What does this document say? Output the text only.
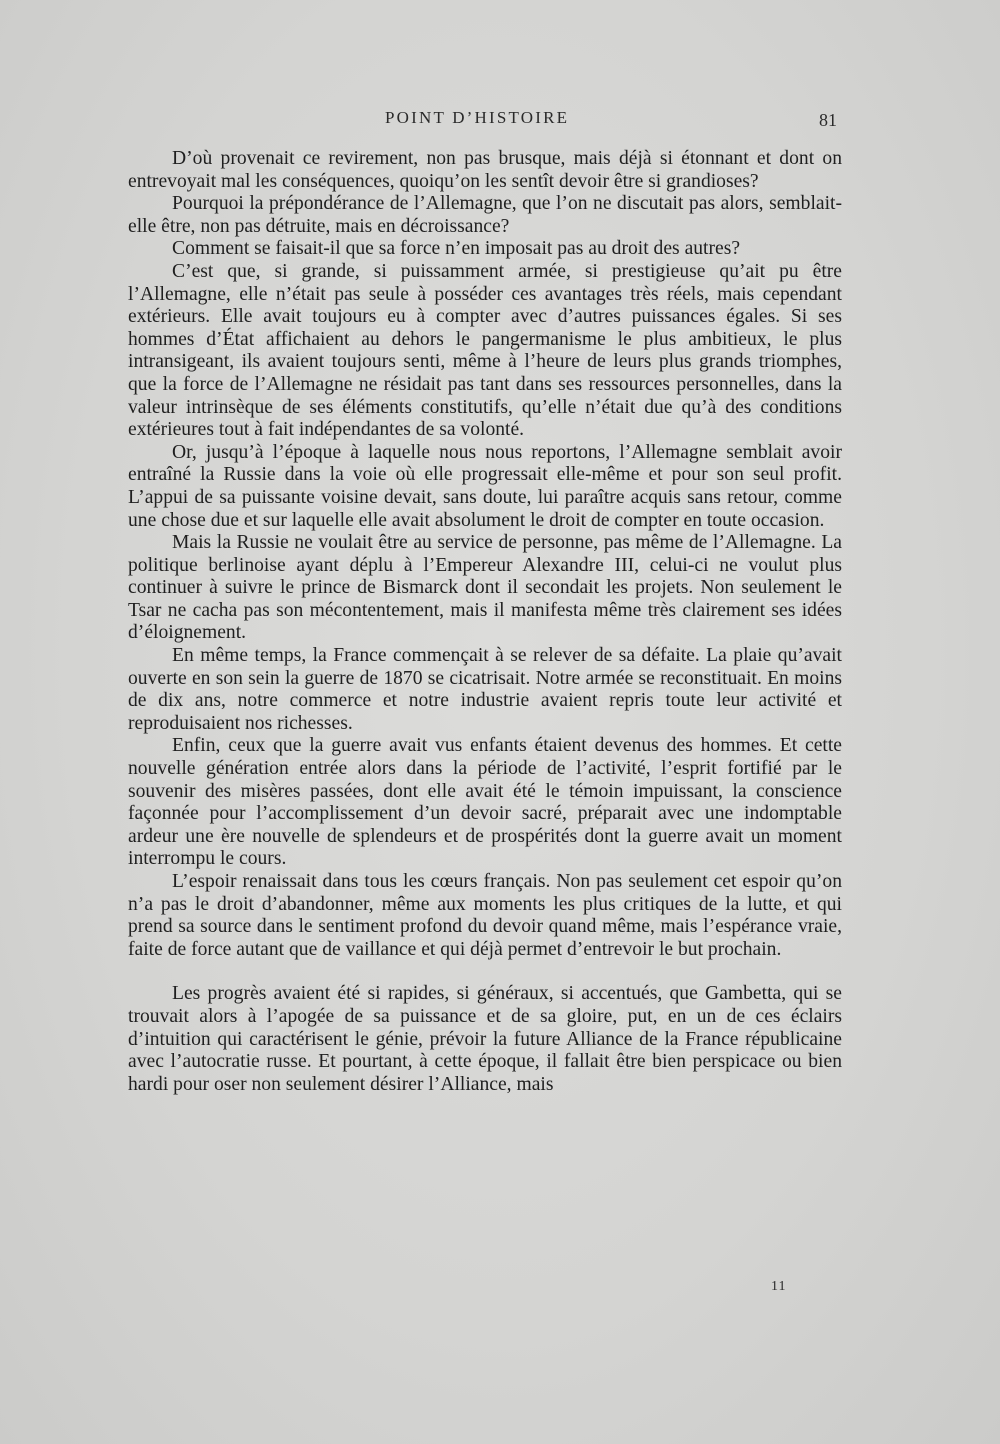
POINT D’HISTOIRE	81

D’où provenait ce revirement, non pas brusque, mais déjà si étonnant et dont on entrevoyait mal les conséquences, quoiqu’on les sentît devoir être si grandioses?

Pourquoi la prépondérance de l’Allemagne, que l’on ne discutait pas alors, semblait-elle être, non pas détruite, mais en décroissance?

Comment se faisait-il que sa force n’en imposait pas au droit des autres?

C’est que, si grande, si puissamment armée, si prestigieuse qu’ait pu être l’Allemagne, elle n’était pas seule à posséder ces avantages très réels, mais cependant extérieurs. Elle avait toujours eu à compter avec d’autres puissances égales. Si ses hommes d’État affichaient au dehors le pangermanisme le plus ambitieux, le plus intransigeant, ils avaient toujours senti, même à l’heure de leurs plus grands triomphes, que la force de l’Allemagne ne résidait pas tant dans ses ressources personnelles, dans la valeur intrinsèque de ses éléments constitutifs, qu’elle n’était due qu’à des conditions extérieures tout à fait indépendantes de sa volonté.

Or, jusqu’à l’époque à laquelle nous nous reportons, l’Allemagne semblait avoir entraîné la Russie dans la voie où elle progressait elle-même et pour son seul profit. L’appui de sa puissante voisine devait, sans doute, lui paraître acquis sans retour, comme une chose due et sur laquelle elle avait absolument le droit de compter en toute occasion.

Mais la Russie ne voulait être au service de personne, pas même de l’Allemagne. La politique berlinoise ayant déplu à l’Empereur Alexandre III, celui-ci ne voulut plus continuer à suivre le prince de Bismarck dont il secondait les projets. Non seulement le Tsar ne cacha pas son mécontentement, mais il manifesta même très clairement ses idées d’éloignement.

En même temps, la France commençait à se relever de sa défaite. La plaie qu’avait ouverte en son sein la guerre de 1870 se cicatrisait. Notre armée se reconstituait. En moins de dix ans, notre commerce et notre industrie avaient repris toute leur activité et reproduisaient nos richesses.

Enfin, ceux que la guerre avait vus enfants étaient devenus des hommes. Et cette nouvelle génération entrée alors dans la période de l’activité, l’esprit fortifié par le souvenir des misères passées, dont elle avait été le témoin impuissant, la conscience façonnée pour l’accomplissement d’un devoir sacré, préparait avec une indomptable ardeur une ère nouvelle de splendeurs et de prospérités dont la guerre avait un moment interrompu le cours.

L’espoir renaissait dans tous les cœurs français. Non pas seulement cet espoir qu’on n’a pas le droit d’abandonner, même aux moments les plus critiques de la lutte, et qui prend sa source dans le sentiment profond du devoir quand même, mais l’espérance vraie, faite de force autant que de vaillance et qui déjà permet d’entrevoir le but prochain.

Les progrès avaient été si rapides, si généraux, si accentués, que Gambetta, qui se trouvait alors à l’apogée de sa puissance et de sa gloire, put, en un de ces éclairs d’intuition qui caractérisent le génie, prévoir la future Alliance de la France républicaine avec l’autocratie russe. Et pourtant, à cette époque, il fallait être bien perspicace ou bien hardi pour oser non seulement désirer l’Alliance, mais

11
